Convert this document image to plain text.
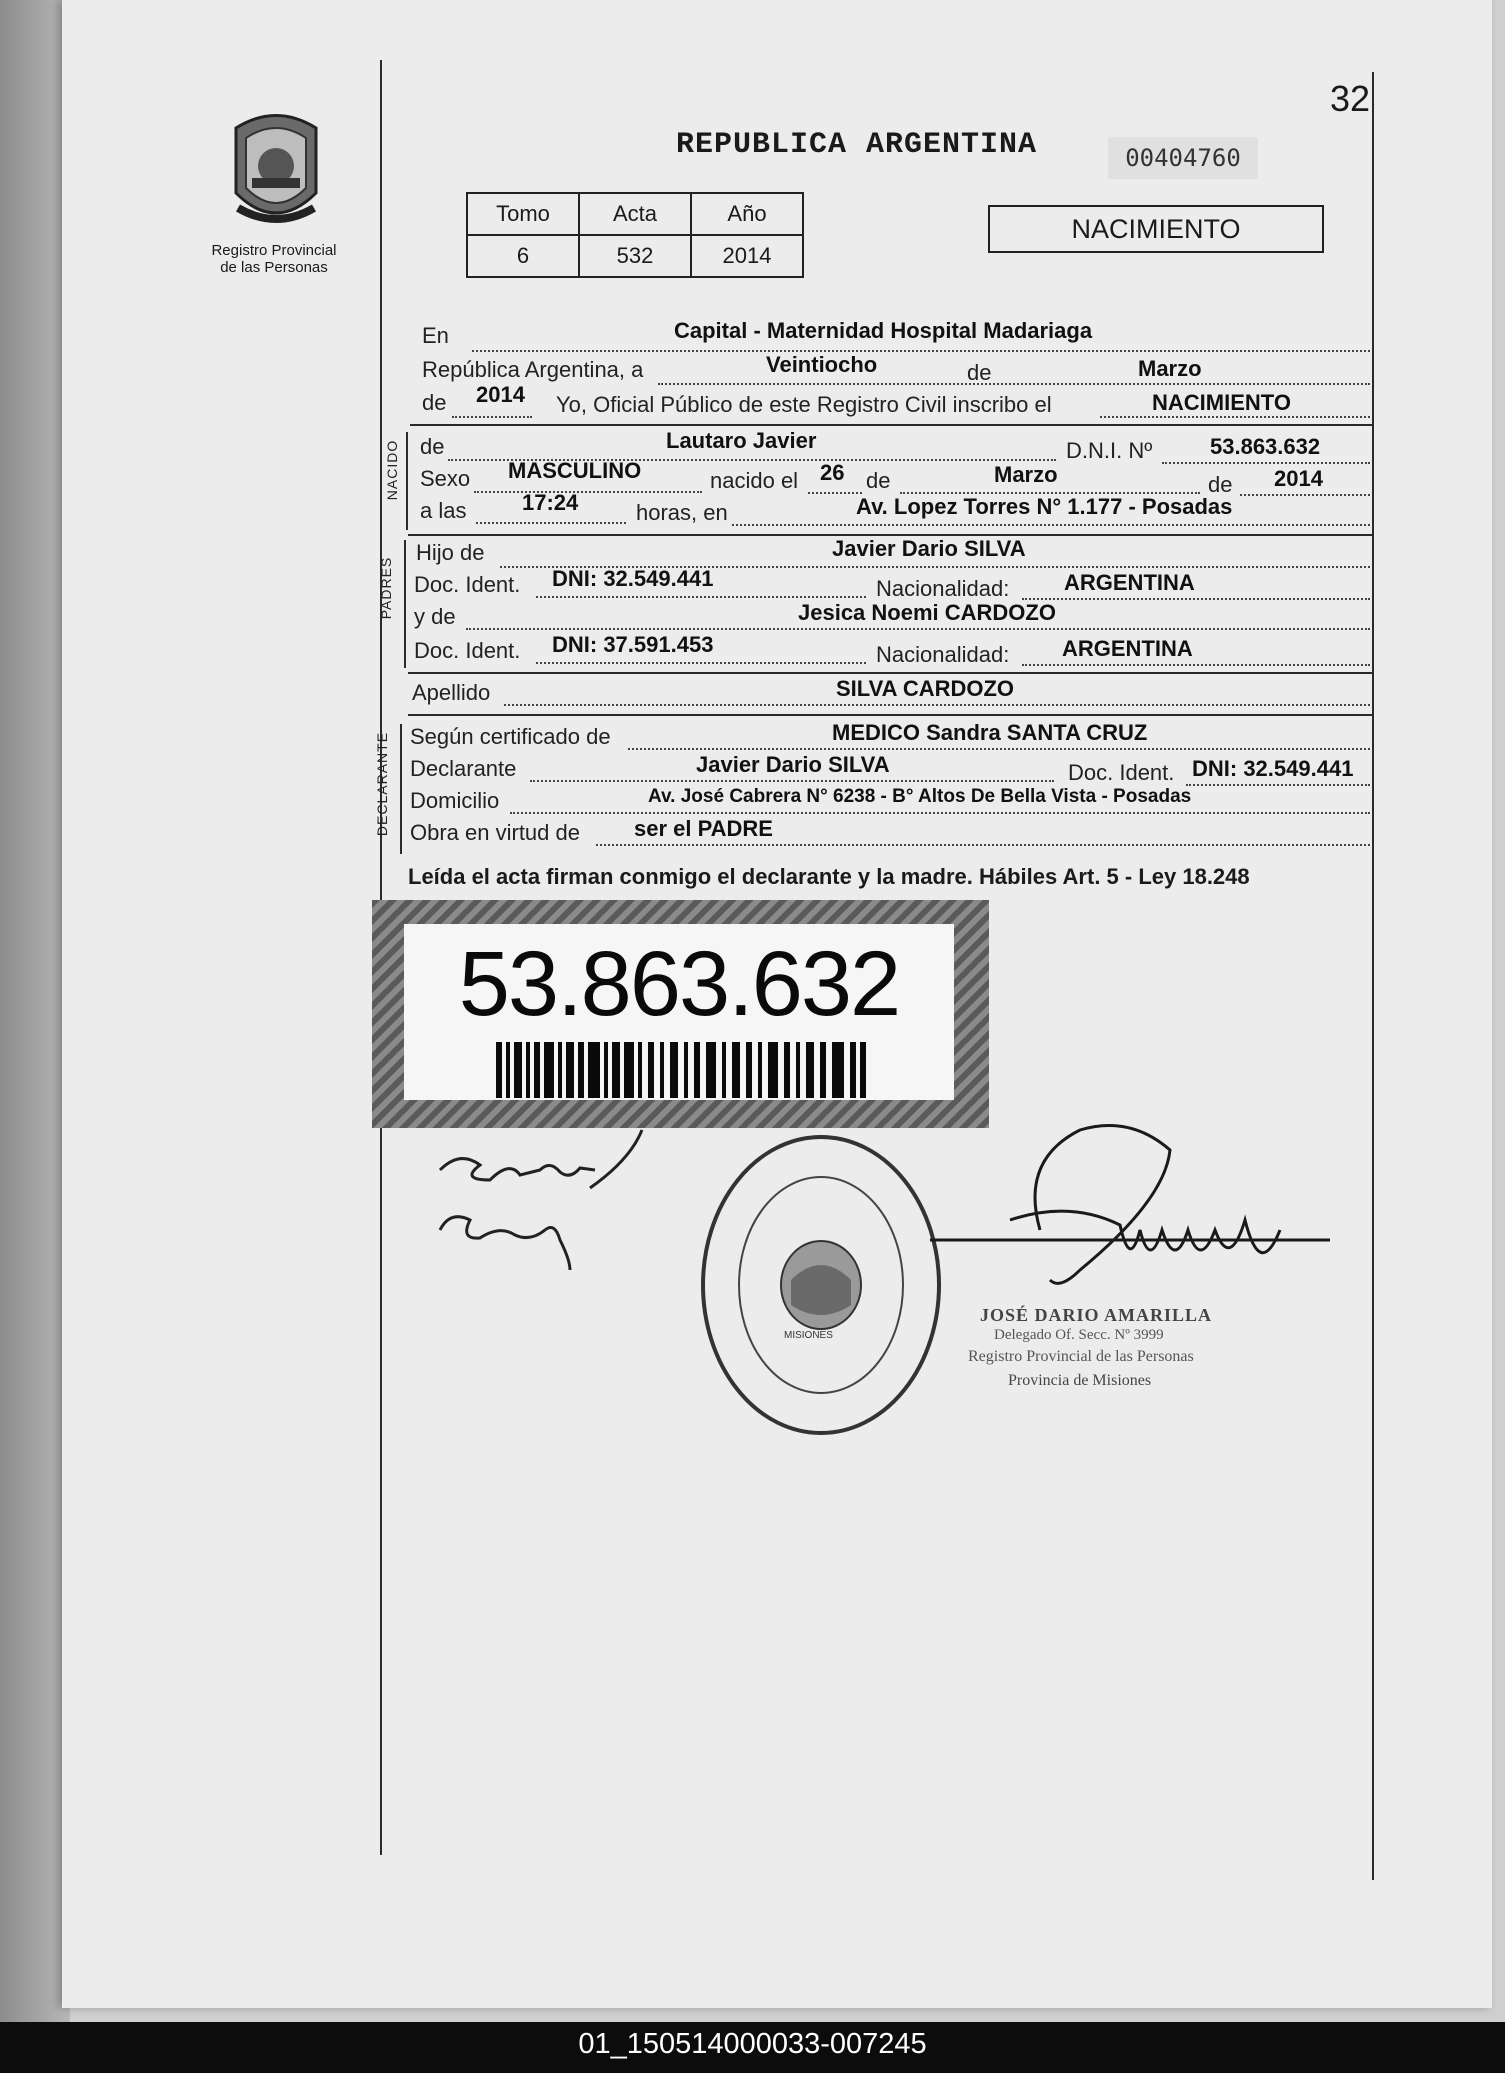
32
Registro Provincial
de las Personas
REPUBLICA ARGENTINA	00404760
Tomo	Acta	Año
6	532	2014
NACIMIENTO
En	Capital - Maternidad Hospital Madariaga
República Argentina, a	Veintiocho	de	Marzo
de 2014 Yo, Oficial Público de este Registro Civil inscribo el	NACIMIENTO
NACIDO de	Lautaro Javier	D.N.I. Nº	53.863.632
Sexo MASCULINO	nacido el 26 de	Marzo	de 2014
a las	17:24	horas, en	Av. Lopez Torres N° 1.177 - Posadas
PADRES
Hijo de	Javier Dario SILVA
Doc. Ident. DNI: 32.549.441	Nacionalidad: ARGENTINA
y de	Jesica Noemi CARDOZO
Doc. Ident. DNI: 37.591.453	Nacionalidad: ARGENTINA
Apellido	SILVA CARDOZO
DECLARANTE Según certificado de	MEDICO Sandra SANTA CRUZ
Declarante	Javier Dario SILVA	Doc. Ident. DNI: 32.549.441
Domicilio	Av. José Cabrera N° 6238 - B° Altos De Bella Vista - Posadas
Obra en virtud de ser el PADRE
Leída el acta firman conmigo el declarante y la madre. Hábiles Art. 5 - Ley 18.248
53.863.632
MISIONES
JOSÉ DARIO AMARILLA
Delegado Of. Secc. Nº 3999
Registro Provincial de las Personas
Provincia de Misiones
01_150514000033-007245
